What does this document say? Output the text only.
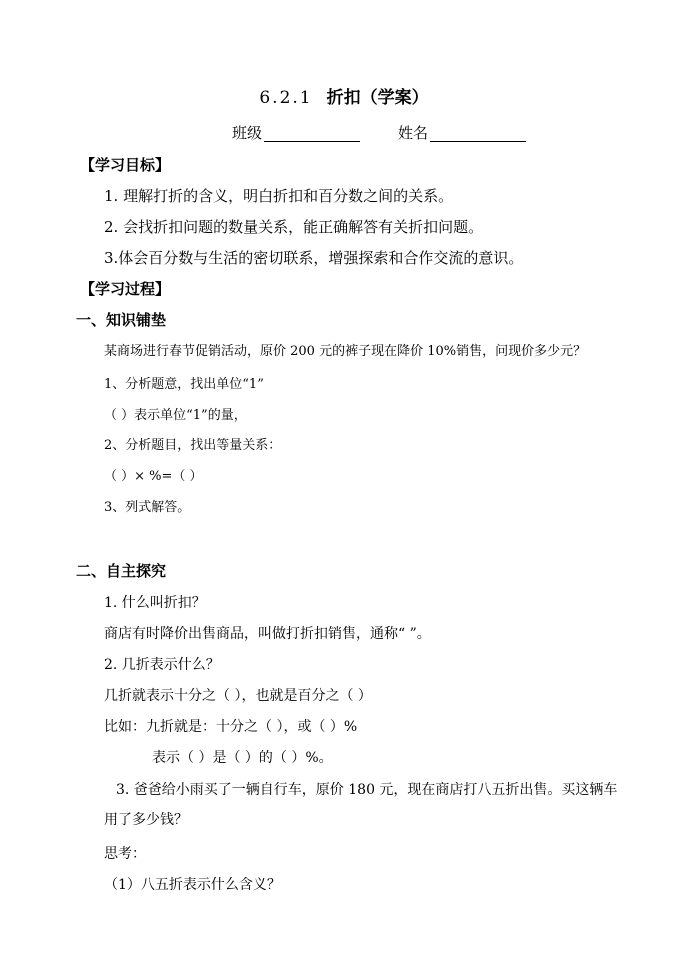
6.2.1 折扣（学案）
班级	姓名
【学习目标】
1. 理解打折的含义，明白折扣和百分数之间的关系。
2. 会找折扣问题的数量关系，能正确解答有关折扣问题。
3.体会百分数与生活的密切联系，增强探索和合作交流的意识。
【学习过程】
一、知识铺垫
某商场进行春节促销活动，原价 200 元的裤子现在降价 10%销售，问现价多少元？
1、分析题意，找出单位“1”
（ ）表示单位“1”的量，
2、分析题目，找出等量关系：
（ ）× %=（ ）
3、列式解答。
二、自主探究
1. 什么叫折扣？
商店有时降价出售商品，叫做打折扣销售，通称“ ”。
2. 几折表示什么？
几折就表示十分之（ ），也就是百分之（ ）
比如：九折就是：十分之（ ），或（ ）%
表示（ ）是（ ）的（ ）%。
3. 爸爸给小雨买了一辆自行车，原价 180 元，现在商店打八五折出售。买这辆车
用了多少钱？
思考：
（1）八五折表示什么含义？
